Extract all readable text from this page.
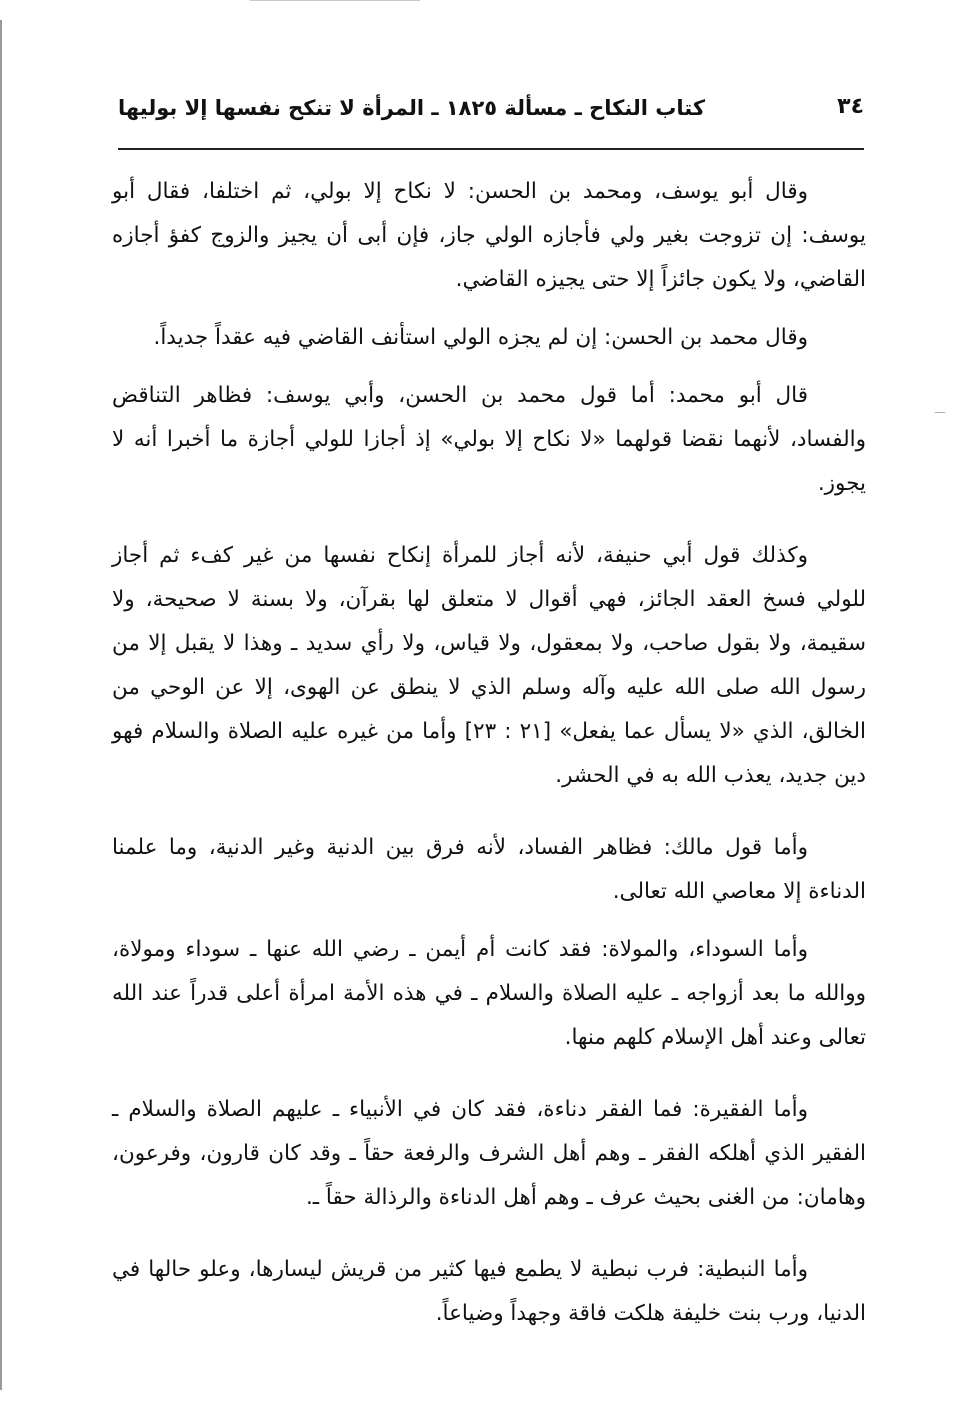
٣٤
كتاب النكاح ـ مسألة ١٨٢٥ ـ المرأة لا تنكح نفسها إلا بوليها

وقال أبو يوسف، ومحمد بن الحسن: لا نكاح إلا بولي، ثم اختلفا، فقال أبو يوسف: إن تزوجت بغير ولي فأجازه الولي جاز، فإن أبى أن يجيز والزوج كفؤ أجازه القاضي، ولا يكون جائزاً إلا حتى يجيزه القاضي.

وقال محمد بن الحسن: إن لم يجزه الولي استأنف القاضي فيه عقداً جديداً.

قال أبو محمد: أما قول محمد بن الحسن، وأبي يوسف: فظاهر التناقض والفساد، لأنهما نقضا قولهما «لا نكاح إلا بولي» إذ أجازا للولي أجازة ما أخبرا أنه لا يجوز.

وكذلك قول أبي حنيفة، لأنه أجاز للمرأة إنكاح نفسها من غير كفء ثم أجاز للولي فسخ العقد الجائز، فهي أقوال لا متعلق لها بقرآن، ولا بسنة لا صحيحة، ولا سقيمة، ولا بقول صاحب، ولا بمعقول، ولا قياس، ولا رأي سديد ـ وهذا لا يقبل إلا من رسول الله صلى الله عليه وآله وسلم الذي لا ينطق عن الهوى، إلا عن الوحي من الخالق، الذي «لا يسأل عما يفعل» [٢١ : ٢٣] وأما من غيره عليه الصلاة والسلام فهو دين جديد، يعذب الله به في الحشر.

وأما قول مالك: فظاهر الفساد، لأنه فرق بين الدنية وغير الدنية، وما علمنا الدناءة إلا معاصي الله تعالى.

وأما السوداء، والمولاة: فقد كانت أم أيمن ـ رضي الله عنها ـ سوداء ومولاة، ووالله ما بعد أزواجه ـ عليه الصلاة والسلام ـ في هذه الأمة امرأة أعلى قدراً عند الله تعالى وعند أهل الإسلام كلهم منها.

وأما الفقيرة: فما الفقر دناءة، فقد كان في الأنبياء ـ عليهم الصلاة والسلام ـ الفقير الذي أهلكه الفقر ـ وهم أهل الشرف والرفعة حقاً ـ وقد كان قارون، وفرعون، وهامان: من الغنى بحيث عرف ـ وهم أهل الدناءة والرذالة حقاً ـ.

وأما النبطية: فرب نبطية لا يطمع فيها كثير من قريش ليسارها، وعلو حالها في الدنيا، ورب بنت خليفة هلكت فاقة وجهداً وضياعاً.
